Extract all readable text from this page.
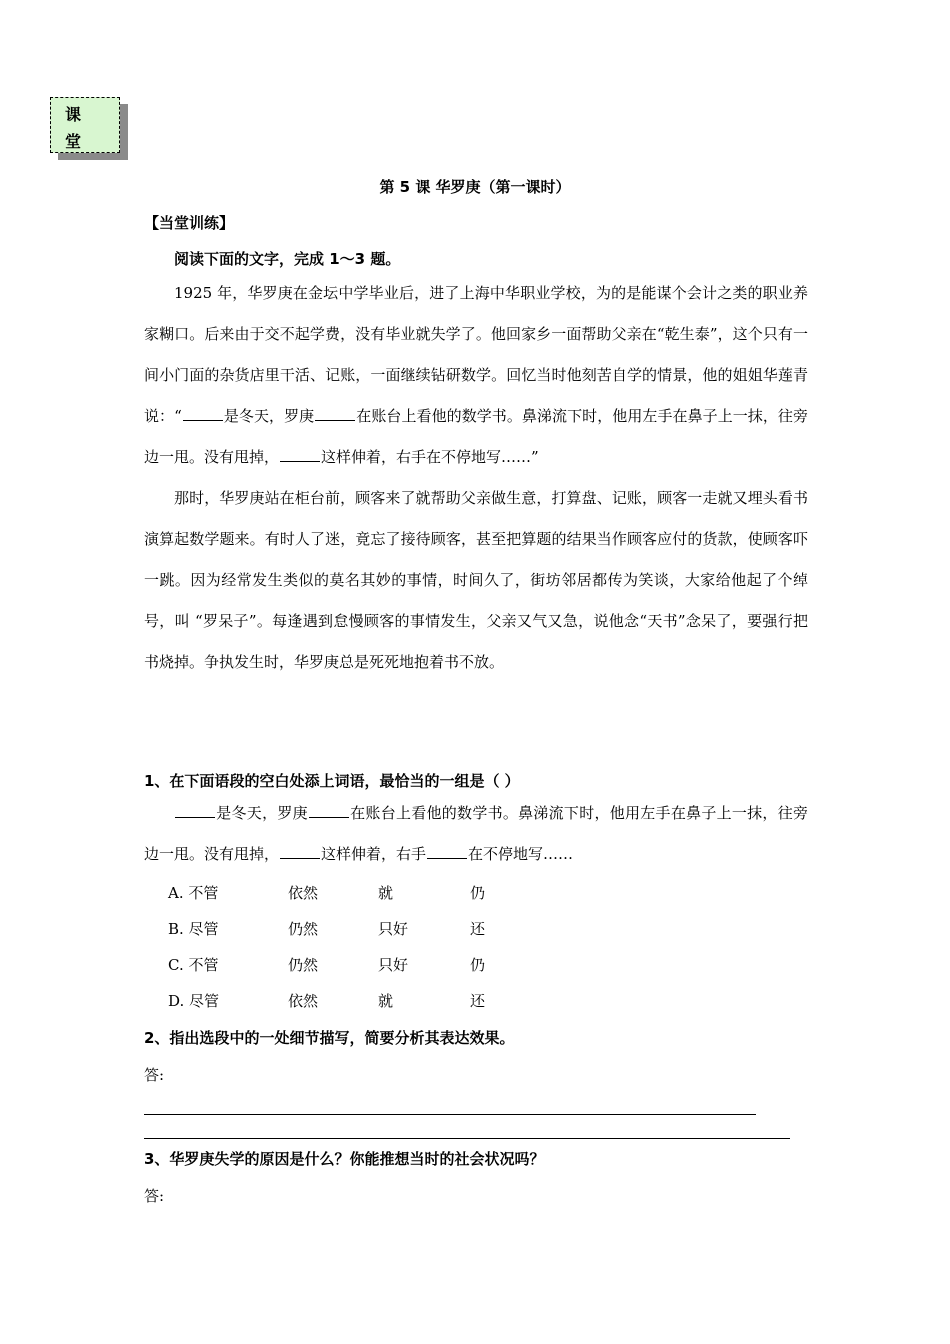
课
堂
第 5 课 华罗庚（第一课时）
【当堂训练】
阅读下面的文字，完成 1～3 题。

1925 年，华罗庚在金坛中学毕业后，进了上海中华职业学校，为的是能谋个会计之类的职业养家糊口。后来由于交不起学费，没有毕业就失学了。他回家乡一面帮助父亲在“乾生泰”，这个只有一间小门面的杂货店里干活、记账，一面继续钻研数学。回忆当时他刻苦自学的情景，他的姐姐华莲青说：“	是冬天，罗庚	在账台上看他的数学书。鼻涕流下时，他用左手在鼻子上一抹，往旁边一甩。没有甩掉，	这样伸着，右手在不停地写……”

那时，华罗庚站在柜台前，顾客来了就帮助父亲做生意，打算盘、记账，顾客一走就又埋头看书演算起数学题来。有时人了迷，竟忘了接待顾客，甚至把算题的结果当作顾客应付的货款，使顾客吓一跳。因为经常发生类似的莫名其妙的事情，时间久了，街坊邻居都传为笑谈，大家给他起了个绰号，叫 “罗呆子”。每逢遇到怠慢顾客的事情发生，父亲又气又急，说他念“天书”念呆了，要强行把书烧掉。争执发生时，华罗庚总是死死地抱着书不放。

1、在下面语段的空白处添上词语，最恰当的一组是（ ）

是冬天，罗庚	在账台上看他的数学书。鼻涕流下时，他用左手在鼻子上一抹，往旁边一甩。没有甩掉，	这样伸着，右手	在不停地写……

A. 不管	依然	就	仍
B. 尽管	仍然	只好	还
C. 不管	仍然	只好	仍
D. 尽管	依然	就	还
2、指出选段中的一处细节描写，简要分析其表达效果。
答:
3、华罗庚失学的原因是什么？你能推想当时的社会状况吗？
答:
